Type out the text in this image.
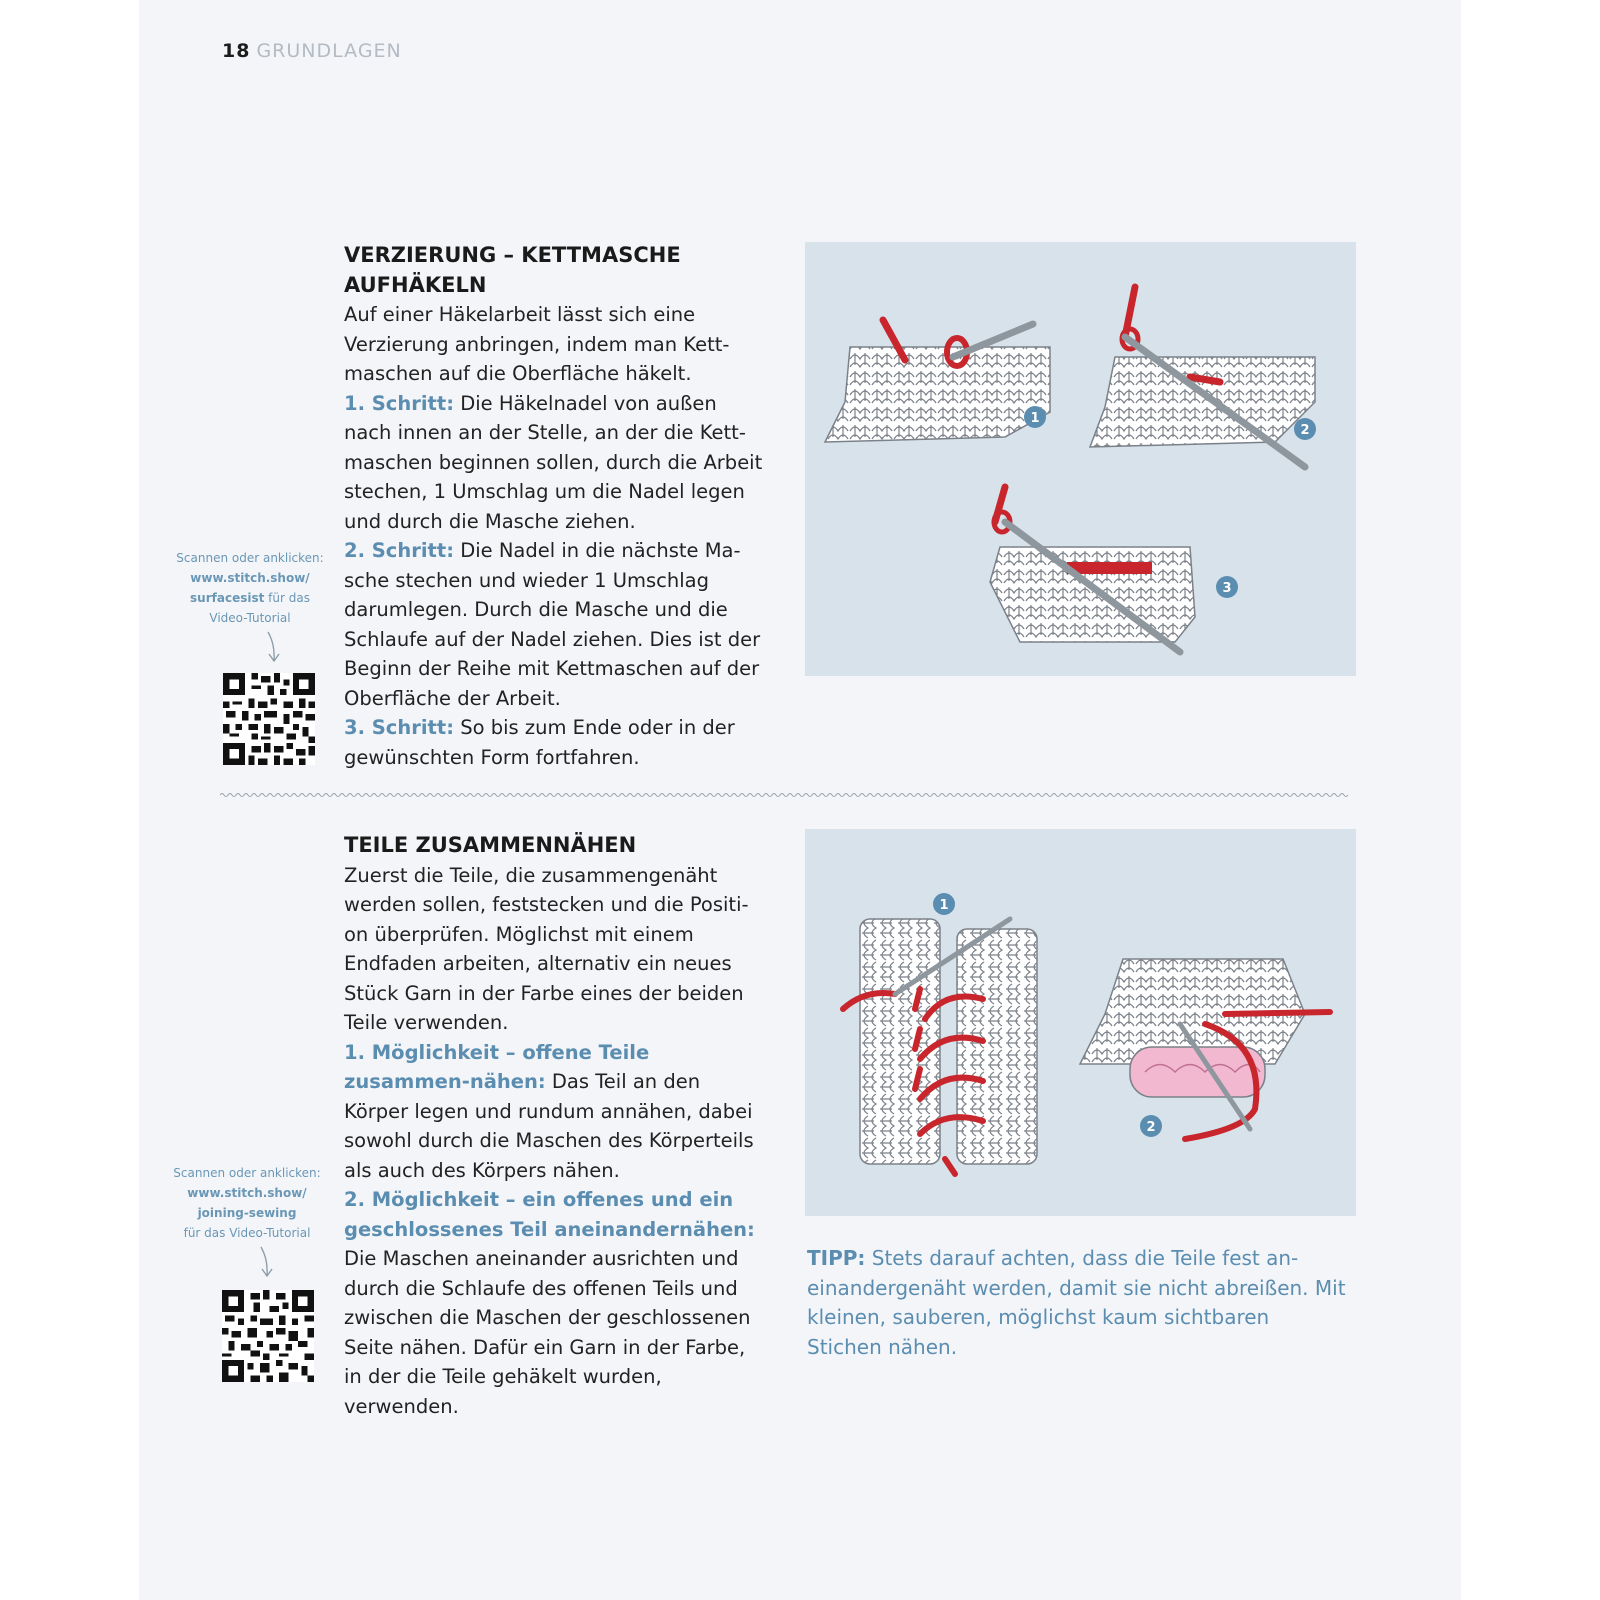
18 GRUNDLAGEN
VERZIERUNG – KETTMASCHE AUFHÄKELN

Auf einer Häkelarbeit lässt sich eine Verzierung anbringen, indem man Kett-maschen auf die Oberfläche häkelt.

1. Schritt: Die Häkelnadel von außen nach innen an der Stelle, an der die Kett-maschen beginnen sollen, durch die Arbeit stechen, 1 Umschlag um die Nadel legen und durch die Masche ziehen.

2. Schritt: Die Nadel in die nächste Ma-sche stechen und wieder 1 Umschlag darumlegen. Durch die Masche und die Schlaufe auf der Nadel ziehen. Dies ist der Beginn der Reihe mit Kettmaschen auf der Oberfläche der Arbeit.

3. Schritt: So bis zum Ende oder in der gewünschten Form fortfahren.

Scannen oder anklicken:
www.stitch.show/
surfacesist für das
Video-Tutorial
1
2
3
TEILE ZUSAMMENNÄHEN

Zuerst die Teile, die zusammengenäht werden sollen, feststecken und die Positi-on überprüfen. Möglichst mit einem Endfaden arbeiten, alternativ ein neues Stück Garn in der Farbe eines der beiden Teile verwenden.

1. Möglichkeit – offene Teile zusammen-nähen: Das Teil an den Körper legen und rundum annähen, dabei sowohl durch die Maschen des Körperteils als auch des Körpers nähen.

2. Möglichkeit – ein offenes und ein geschlossenes Teil aneinandernähen: Die Maschen aneinander ausrichten und durch die Schlaufe des offenen Teils und zwischen die Maschen der geschlossenen Seite nähen. Dafür ein Garn in der Farbe, in der die Teile gehäkelt wurden, verwenden.

Scannen oder anklicken:
www.stitch.show/
joining-sewing
für das Video-Tutorial
1
2
TIPP: Stets darauf achten, dass die Teile fest an-einandergenäht werden, damit sie nicht abreißen. Mit kleinen, sauberen, möglichst kaum sichtbaren Stichen nähen.
